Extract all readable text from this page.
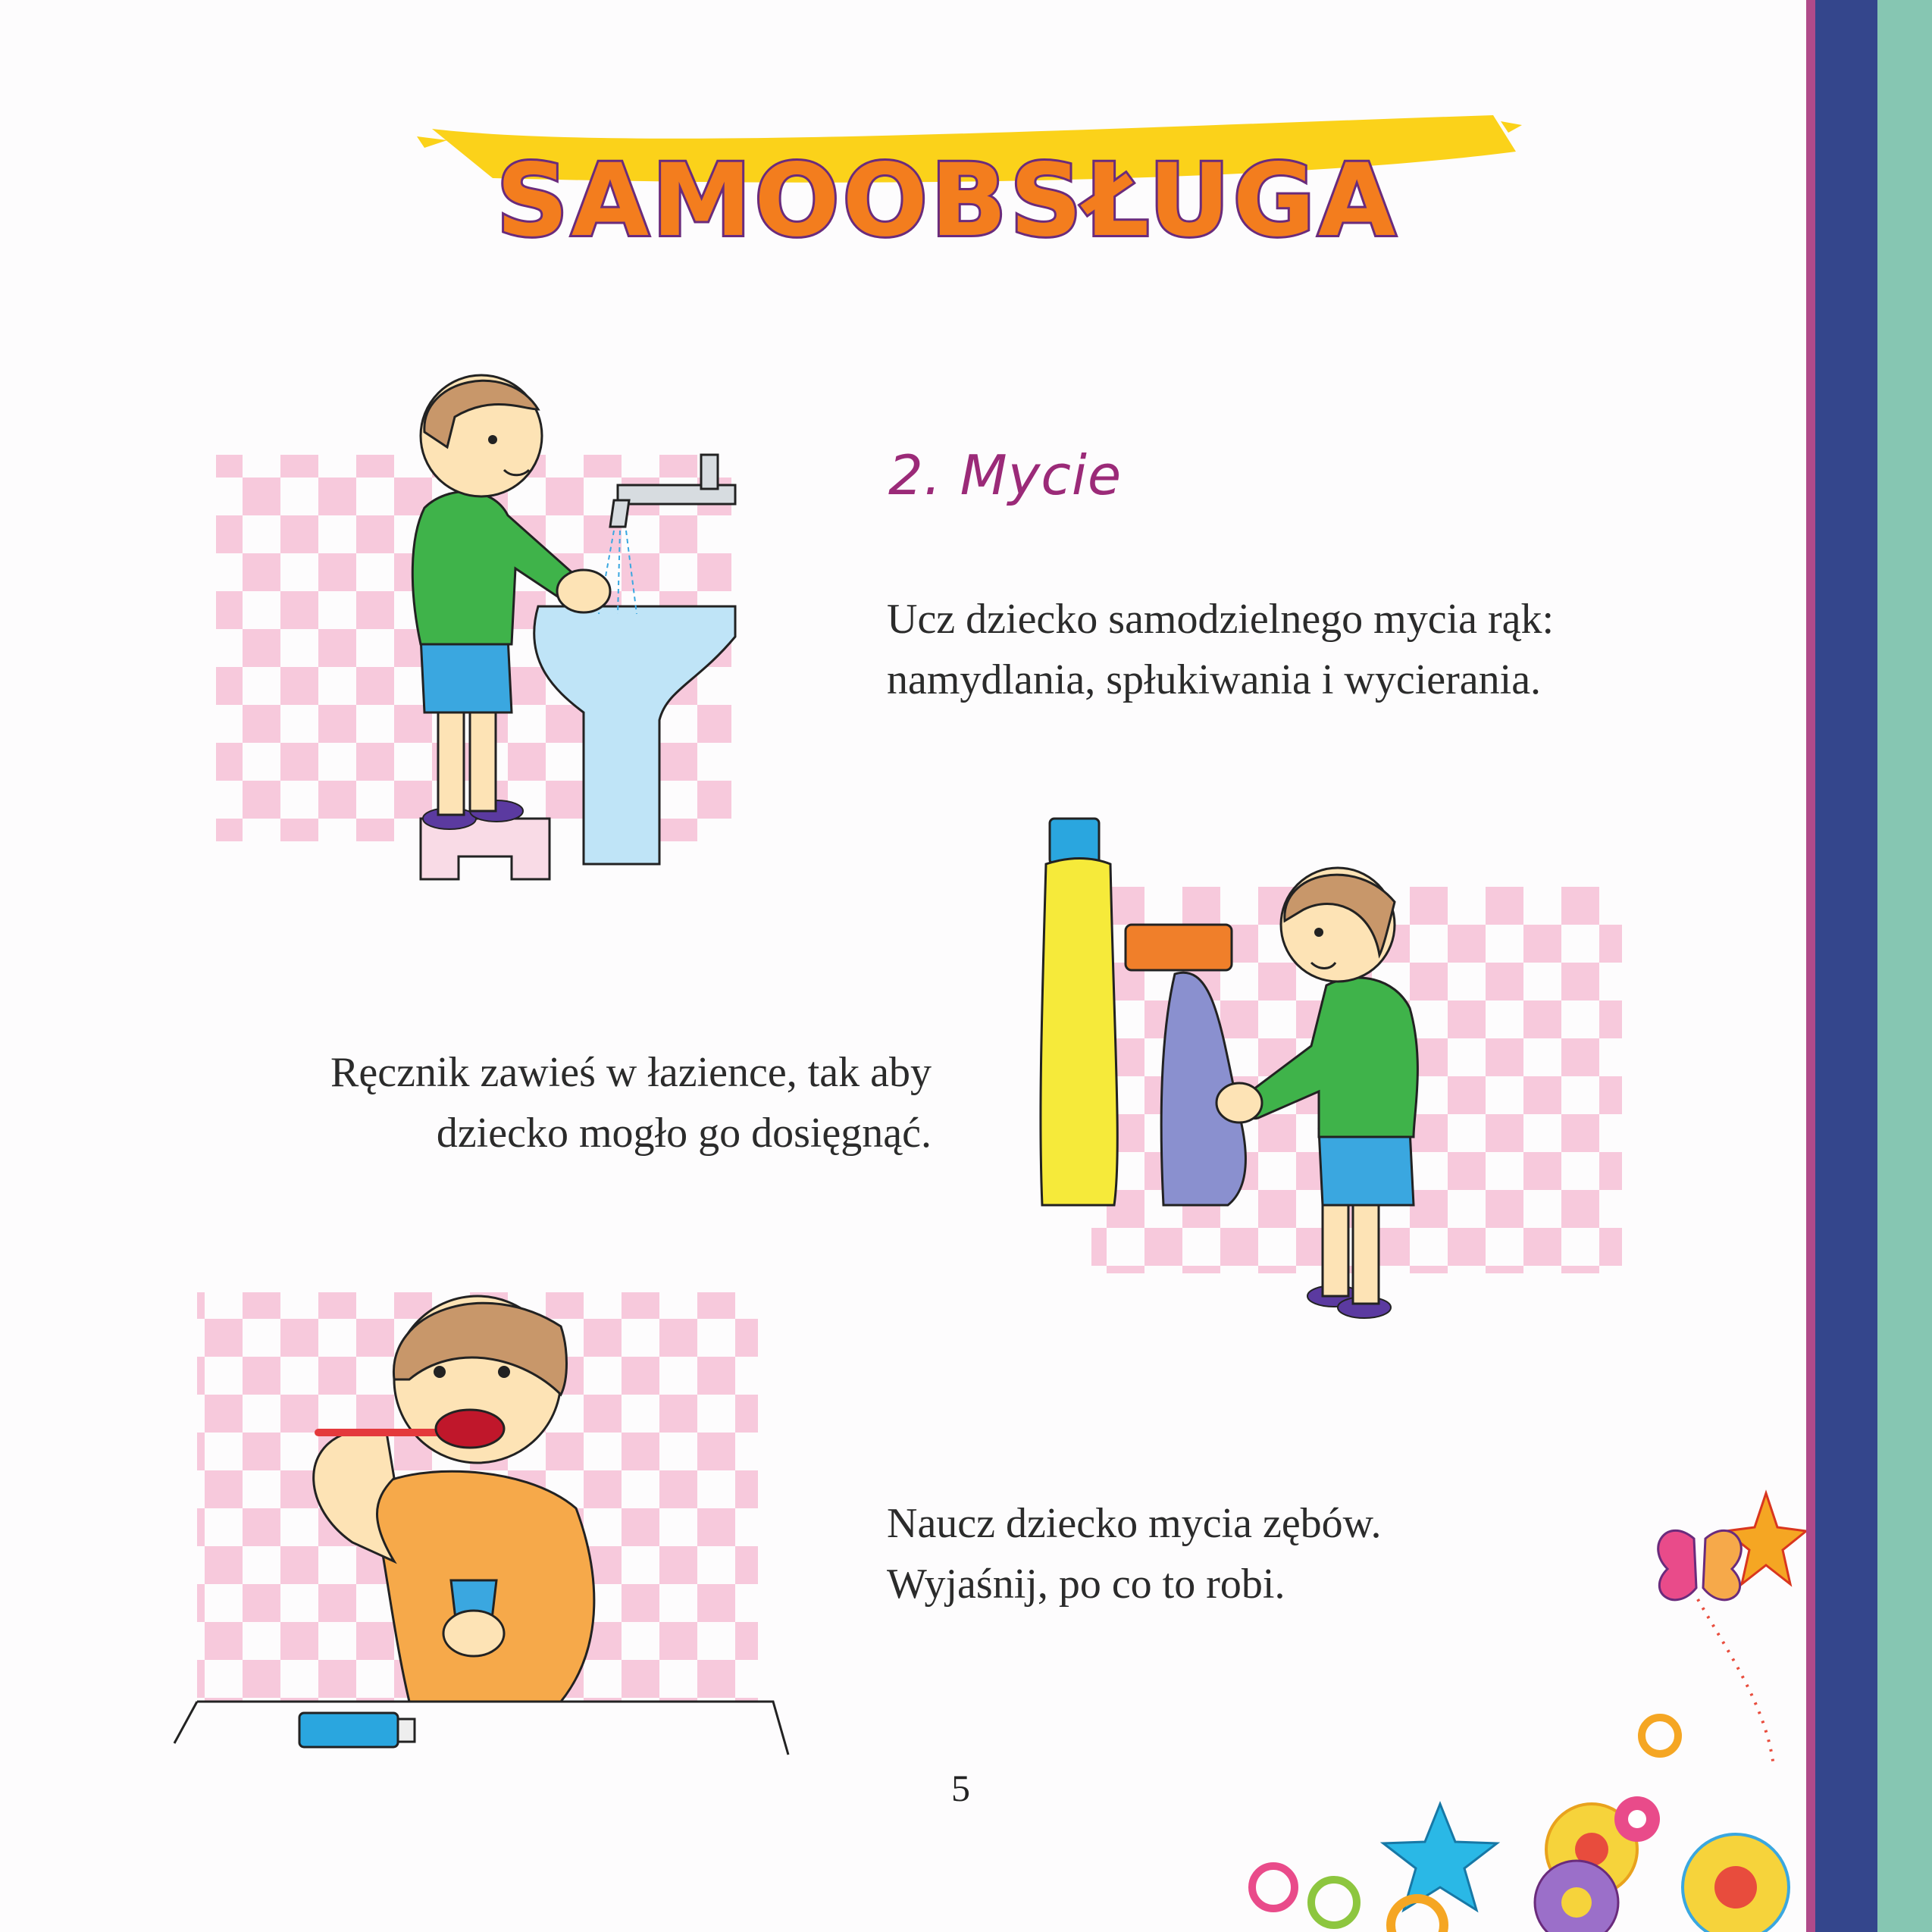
SAMOOBSŁUGA
2. Mycie
Ucz dziecko samodzielnego mycia rąk:
namydlania, spłukiwania i wycierania.
Ręcznik zawieś w łazience, tak aby
dziecko mogło go dosięgnąć.
Naucz dziecko mycia zębów.
Wyjaśnij, po co to robi.
5
